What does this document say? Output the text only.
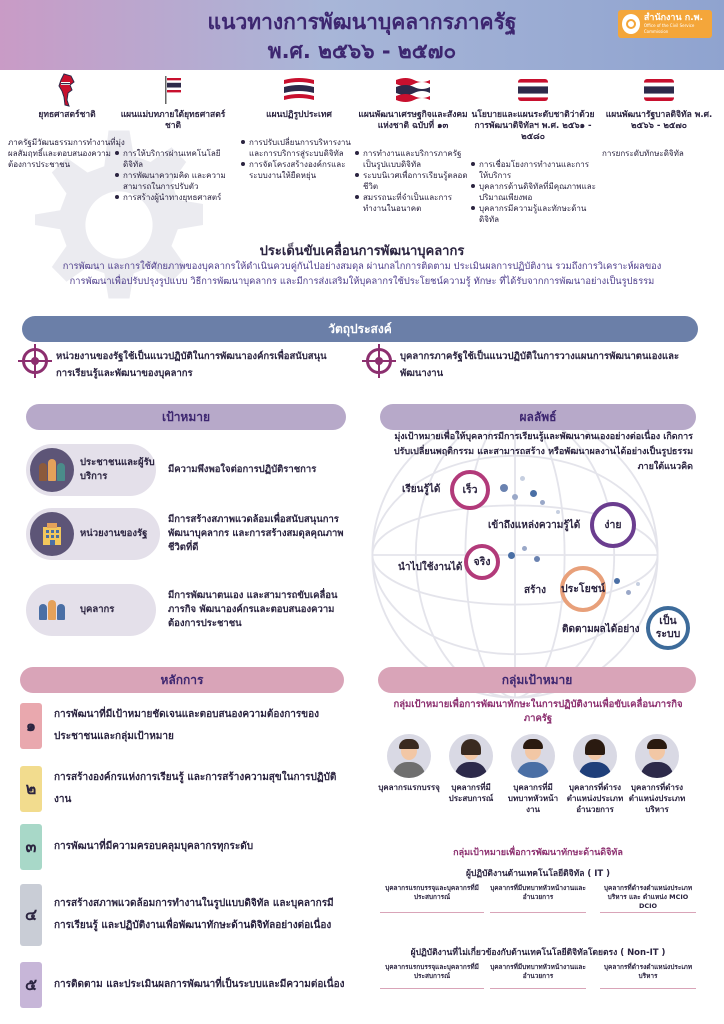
แนวทางการพัฒนาบุคลากรภาครัฐ
พ.ศ. ๒๕๖๖ - ๒๕๗๐
สำนักงาน ก.พ.
Office of the Civil Service Commission
ยุทธศาสตร์ชาติ
ภาครัฐมีวัฒนธรรมการทำงานที่มุ่งผลสัมฤทธิ์และตอบสนองความต้องการประชาชน
แผนแม่บทภายใต้ยุทธศาสตร์ชาติ
การให้บริการผ่านเทคโนโลยีดิจิทัล
การพัฒนาความคิด และความสามารถในการปรับตัว
การสร้างผู้นำทางยุทธศาสตร์
แผนปฏิรูปประเทศ
การปรับเปลี่ยนการบริหารงานและการบริการสู่ระบบดิจิทัล
การจัดโครงสร้างองค์กรและระบบงานให้ยืดหยุ่น
แผนพัฒนาเศรษฐกิจและสังคมแห่งชาติ ฉบับที่ ๑๓
การทำงานและบริการภาครัฐเป็นรูปแบบดิจิทัล
ระบบนิเวศเพื่อการเรียนรู้ตลอดชีวิต
สมรรถนะที่จำเป็นและการทำงานในอนาคต
นโยบายและแผนระดับชาติว่าด้วยการพัฒนาดิจิทัลฯ พ.ศ. ๒๕๖๑ - ๒๕๘๐
การเชื่อมโยงการทำงานและการให้บริการ
บุคลากรด้านดิจิทัลที่มีคุณภาพและปริมาณเพียงพอ
บุคลากรมีความรู้และทักษะด้านดิจิทัล
แผนพัฒนารัฐบาลดิจิทัล พ.ศ. ๒๕๖๖ - ๒๕๗๐
การยกระดับทักษะดิจิทัล
ประเด็นขับเคลื่อนการพัฒนาบุคลากร
การพัฒนา และการใช้ศักยภาพของบุคลากรให้ดำเนินควบคู่กันไปอย่างสมดุล ผ่านกลไกการติดตาม ประเมินผลการปฏิบัติงาน รวมถึงการวิเคราะห์ผลของการพัฒนาเพื่อปรับปรุงรูปแบบ วิธีการพัฒนาบุคลากร และมีการส่งเสริมให้บุคลากรใช้ประโยชน์ความรู้ ทักษะ ที่ได้รับจากการพัฒนาอย่างเป็นรูปธรรม
วัตถุประสงค์
หน่วยงานของรัฐใช้เป็นแนวปฏิบัติในการพัฒนาองค์กรเพื่อสนับสนุนการเรียนรู้และพัฒนาของบุคลากร
บุคลากรภาครัฐใช้เป็นแนวปฏิบัติในการวางแผนการพัฒนาตนเองและพัฒนางาน
เป้าหมาย
ประชาชนและผู้รับบริการ
มีความพึงพอใจต่อการปฏิบัติราชการ
หน่วยงานของรัฐ
มีการสร้างสภาพแวดล้อมเพื่อสนับสนุนการพัฒนาบุคลากร และการสร้างสมดุลคุณภาพชีวิตที่ดี
บุคลากร
มีการพัฒนาตนเอง และสามารถขับเคลื่อนภารกิจ พัฒนาองค์กรและตอบสนองความต้องการประชาชน
ผลลัพธ์
มุ่งเป้าหมายเพื่อให้บุคลากรมีการเรียนรู้และพัฒนาตนเองอย่างต่อเนื่อง เกิดการปรับเปลี่ยนพฤติกรรม และสามารถสร้าง หรือพัฒนาผลงานได้อย่างเป็นรูปธรรม ภายใต้แนวคิด
เรียนรู้ได้	เร็ว
เข้าถึงแหล่งความรู้ได้	ง่าย
นำไปใช้งานได้	จริง
สร้าง ประโยชน์
ติดตามผลได้อย่าง
เป็นระบบ
หลักการ
๑
การพัฒนาที่มีเป้าหมายชัดเจนและตอบสนองความต้องการของประชาชนและกลุ่มเป้าหมาย
๒
การสร้างองค์กรแห่งการเรียนรู้ และการสร้างความสุขในการปฏิบัติงาน
๓	การพัฒนาที่มีความครอบคลุมบุคลากรทุกระดับ
๔
การสร้างสภาพแวดล้อมการทำงานในรูปแบบดิจิทัล และบุคลากรมีการเรียนรู้ และปฏิบัติงานเพื่อพัฒนาทักษะด้านดิจิทัลอย่างต่อเนื่อง
๕	การติดตาม และประเมินผลการพัฒนาที่เป็นระบบและมีความต่อเนื่อง
กลุ่มเป้าหมาย
กลุ่มเป้าหมายเพื่อการพัฒนาทักษะในการปฏิบัติงานเพื่อขับเคลื่อนภารกิจภาครัฐ
บุคลากรแรกบรรจุ	บุคลากรที่มีประสบการณ์
บุคลากรที่มีบทบาทหัวหน้างาน
บุคลากรที่ดำรงตำแหน่งประเภทอำนวยการ
บุคลากรที่ดำรงตำแหน่งประเภทบริหาร
กลุ่มเป้าหมายเพื่อการพัฒนาทักษะด้านดิจิทัล
ผู้ปฏิบัติงานด้านเทคโนโลยีดิจิทัล ( IT )
บุคลากรแรกบรรจุและบุคลากรที่มีประสบการณ์
บุคลากรที่มีบทบาทหัวหน้างานและอำนวยการ
บุคลากรที่ดำรงตำแหน่งประเภทบริหาร และ ตำแหน่ง MCIO DCIO
ผู้ปฏิบัติงานที่ไม่เกี่ยวข้องกับด้านเทคโนโลยีดิจิทัลโดยตรง ( Non-IT )
บุคลากรแรกบรรจุและบุคลากรที่มีประสบการณ์
บุคลากรที่มีบทบาทหัวหน้างานและอำนวยการ
บุคลากรที่ดำรงตำแหน่งประเภทบริหาร
